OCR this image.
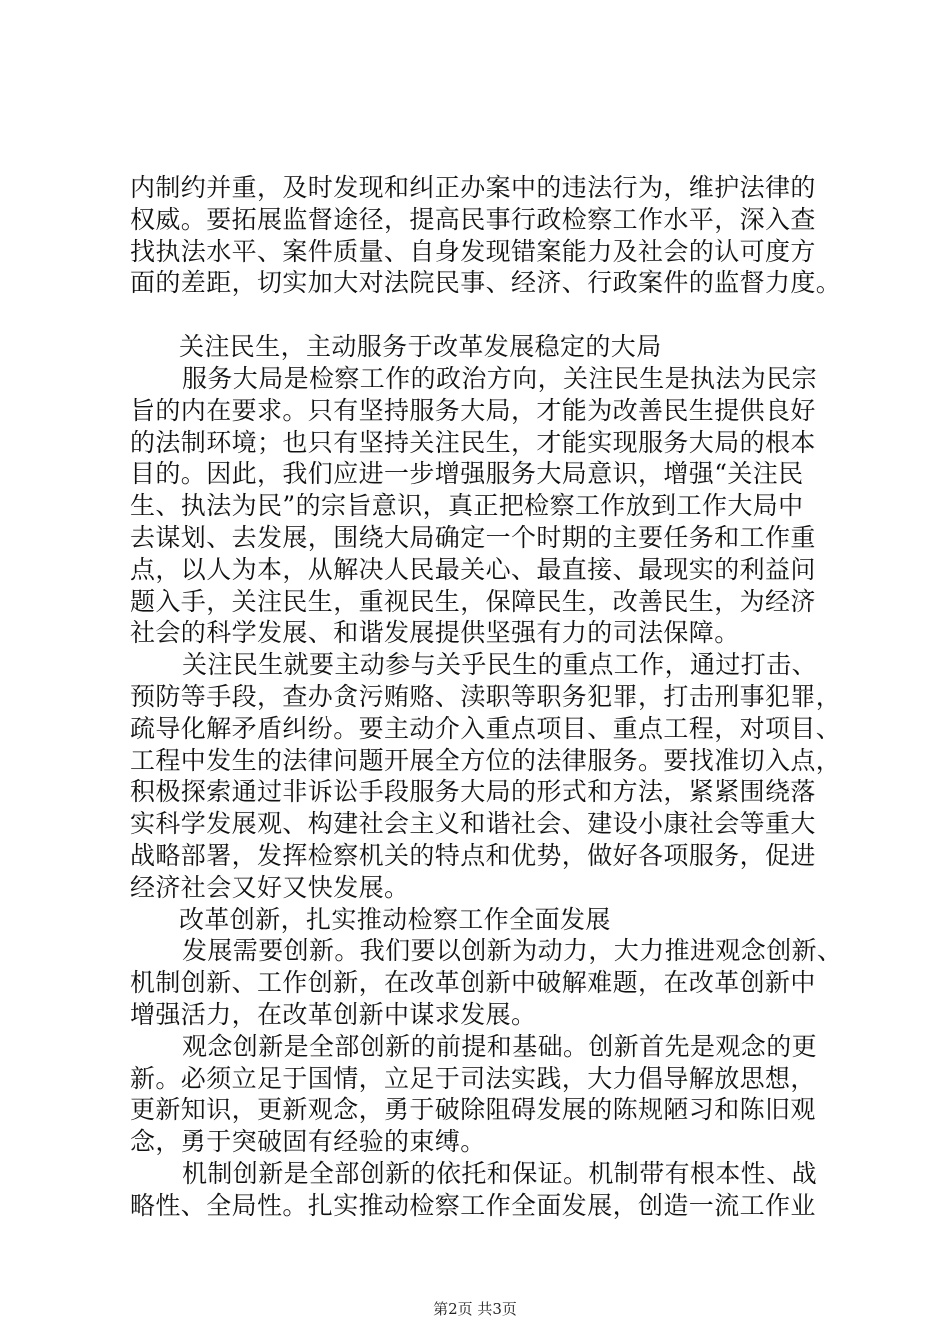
内制约并重，及时发现和纠正办案中的违法行为，维护法律的
权威。要拓展监督途径，提高民事行政检察工作水平，深入查
找执法水平、案件质量、自身发现错案能力及社会的认可度方
面的差距，切实加大对法院民事、经济、行政案件的监督力度。
关注民生，主动服务于改革发展稳定的大局
服务大局是检察工作的政治方向，关注民生是执法为民宗
旨的内在要求。只有坚持服务大局，才能为改善民生提供良好
的法制环境；也只有坚持关注民生，才能实现服务大局的根本
目的。因此，我们应进一步增强服务大局意识，增强“关注民
生、执法为民”的宗旨意识，真正把检察工作放到工作大局中
去谋划、去发展，围绕大局确定一个时期的主要任务和工作重
点，以人为本，从解决人民最关心、最直接、最现实的利益问
题入手，关注民生，重视民生，保障民生，改善民生，为经济
社会的科学发展、和谐发展提供坚强有力的司法保障。
关注民生就要主动参与关乎民生的重点工作，通过打击、
预防等手段，查办贪污贿赂、渎职等职务犯罪，打击刑事犯罪，
疏导化解矛盾纠纷。要主动介入重点项目、重点工程，对项目、
工程中发生的法律问题开展全方位的法律服务。要找准切入点，
积极探索通过非诉讼手段服务大局的形式和方法，紧紧围绕落
实科学发展观、构建社会主义和谐社会、建设小康社会等重大
战略部署，发挥检察机关的特点和优势，做好各项服务，促进
经济社会又好又快发展。
改革创新，扎实推动检察工作全面发展
发展需要创新。我们要以创新为动力，大力推进观念创新、
机制创新、工作创新，在改革创新中破解难题，在改革创新中
增强活力，在改革创新中谋求发展。
观念创新是全部创新的前提和基础。创新首先是观念的更
新。必须立足于国情，立足于司法实践，大力倡导解放思想，
更新知识，更新观念，勇于破除阻碍发展的陈规陋习和陈旧观
念，勇于突破固有经验的束缚。
机制创新是全部创新的依托和保证。机制带有根本性、战
略性、全局性。扎实推动检察工作全面发展，创造一流工作业
第2页 共3页
